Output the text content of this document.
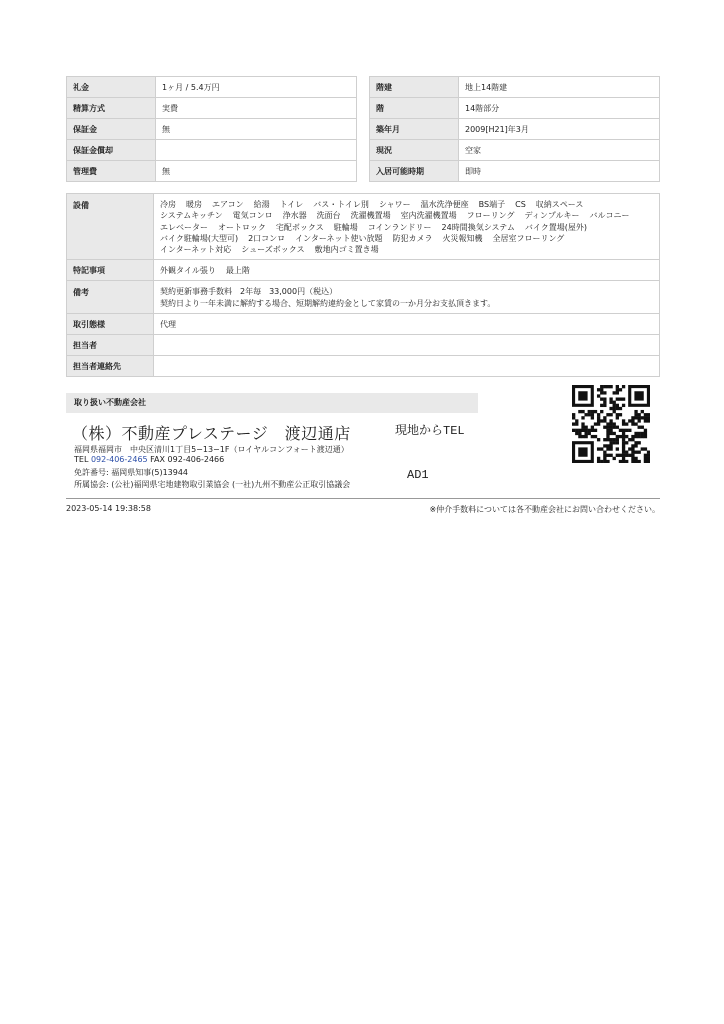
礼金	1ヶ月 / 5.4万円
精算方式	実費
保証金	無
保証金償却	
管理費	無
階建	地上14階建
階	14階部分
築年月	2009[H21]年3月
現況	空家
入居可能時期	即時
設備	冷房 暖房 エアコン 給湯 トイレ バス・トイレ別 シャワー 温水洗浄便座 BS端子 CS 収納スペースシステムキッチン 電気コンロ 浄水器 洗面台 洗濯機置場 室内洗濯機置場 フローリング ディンプルキー バルコニーエレベーター オートロック 宅配ボックス 駐輪場 コインランドリー 24時間換気システム バイク置場(屋外)バイク駐輪場(大型可) 2口コンロ インターネット使い放題 防犯カメラ 火災報知機 全居室フローリングインターネット対応 シューズボックス 敷地内ゴミ置き場
特記事項	外観タイル張り 最上階
備考	契約更新事務手数料　2年毎　33,000円（税込）
契約日より一年未満に解約する場合、短期解約違約金として家賃の一か月分お支払頂きます。

取引態様	代理
担当者	
担当者連絡先	
取り扱い不動産会社
（株）不動産プレステージ　渡辺通店
福岡県福岡市　中央区清川1丁目5−13−1F（ロイヤルコンフォート渡辺通）
TEL 092-406-2465 FAX 092-406-2466
免許番号: 福岡県知事(5)13944
所属協会: (公社)福岡県宅地建物取引業協会 (一社)九州不動産公正取引協議会
現地からTEL
AD1
2023-05-14 19:38:58	※仲介手数料については各不動産会社にお問い合わせください。
